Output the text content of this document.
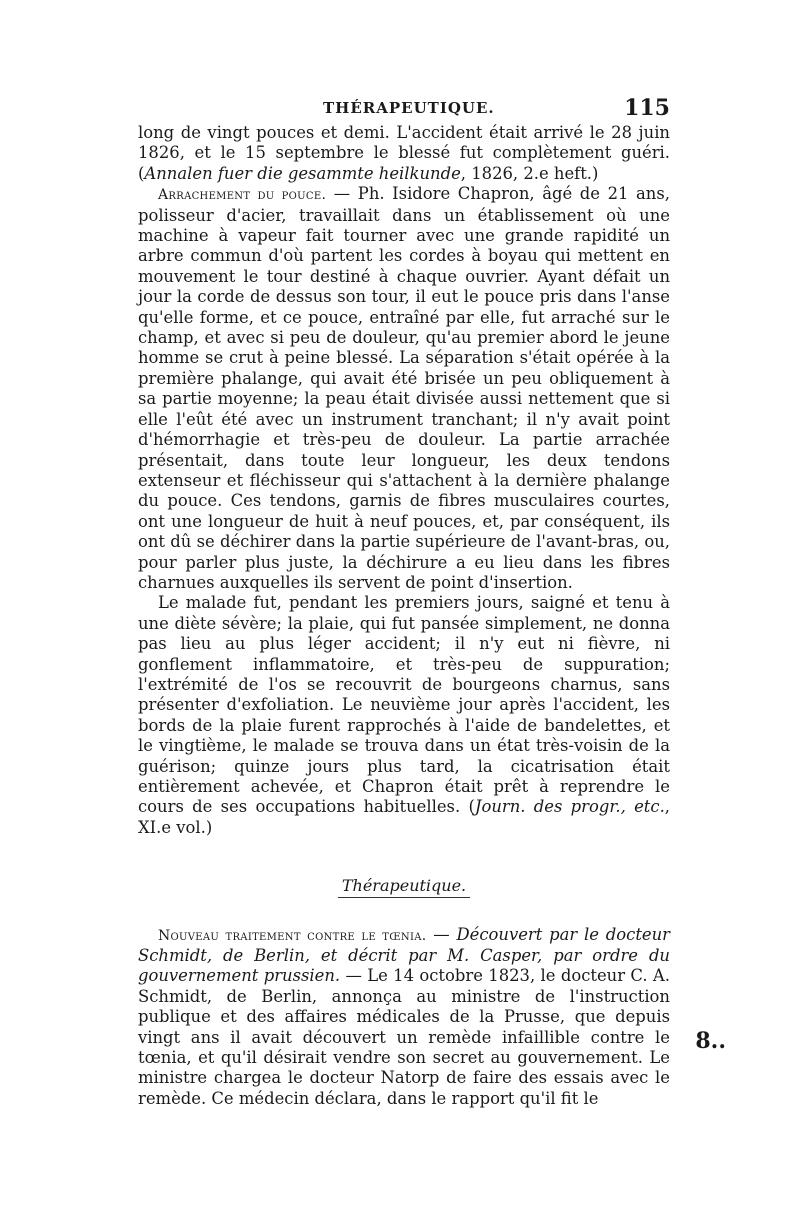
THÉRAPEUTIQUE.	115

long de vingt pouces et demi. L'accident était arrivé le 28 juin 1826, et le 15 septembre le blessé fut complètement guéri. (Annalen fuer die gesammte heilkunde, 1826, 2.e heft.)

Arrachement du pouce. — Ph. Isidore Chapron, âgé de 21 ans, polisseur d'acier, travaillait dans un établissement où une machine à vapeur fait tourner avec une grande rapidité un arbre commun d'où partent les cordes à boyau qui mettent en mouvement le tour destiné à chaque ouvrier. Ayant défait un jour la corde de dessus son tour, il eut le pouce pris dans l'anse qu'elle forme, et ce pouce, entraîné par elle, fut arraché sur le champ, et avec si peu de douleur, qu'au premier abord le jeune homme se crut à peine blessé. La séparation s'était opérée à la première phalange, qui avait été brisée un peu obliquement à sa partie moyenne; la peau était divisée aussi nettement que si elle l'eût été avec un instrument tranchant; il n'y avait point d'hémorrhagie et très-peu de douleur. La partie arrachée présentait, dans toute leur longueur, les deux tendons extenseur et fléchisseur qui s'attachent à la dernière phalange du pouce. Ces tendons, garnis de fibres musculaires courtes, ont une longueur de huit à neuf pouces, et, par conséquent, ils ont dû se déchirer dans la partie supérieure de l'avant-bras, ou, pour parler plus juste, la déchirure a eu lieu dans les fibres charnues auxquelles ils servent de point d'insertion.

Le malade fut, pendant les premiers jours, saigné et tenu à une diète sévère; la plaie, qui fut pansée simplement, ne donna pas lieu au plus léger accident; il n'y eut ni fièvre, ni gonflement inflammatoire, et très-peu de suppuration; l'extrémité de l'os se recouvrit de bourgeons charnus, sans présenter d'exfoliation. Le neuvième jour après l'accident, les bords de la plaie furent rapprochés à l'aide de bandelettes, et le vingtième, le malade se trouva dans un état très-voisin de la guérison; quinze jours plus tard, la cicatrisation était entièrement achevée, et Chapron était prêt à reprendre le cours de ses occupations habituelles. (Journ. des progr., etc., XI.e vol.)

Thérapeutique.

Nouveau traitement contre le tœnia. — Découvert par le docteur Schmidt, de Berlin, et décrit par M. Casper, par ordre du gouvernement prussien. — Le 14 octobre 1823, le docteur C. A. Schmidt, de Berlin, annonça au ministre de l'instruction publique et des affaires médicales de la Prusse, que depuis vingt ans il avait découvert un remède infaillible contre le tœnia, et qu'il désirait vendre son secret au gouvernement. Le ministre chargea le docteur Natorp de faire des essais avec le remède. Ce médecin déclara, dans le rapport qu'il fit le

8..
